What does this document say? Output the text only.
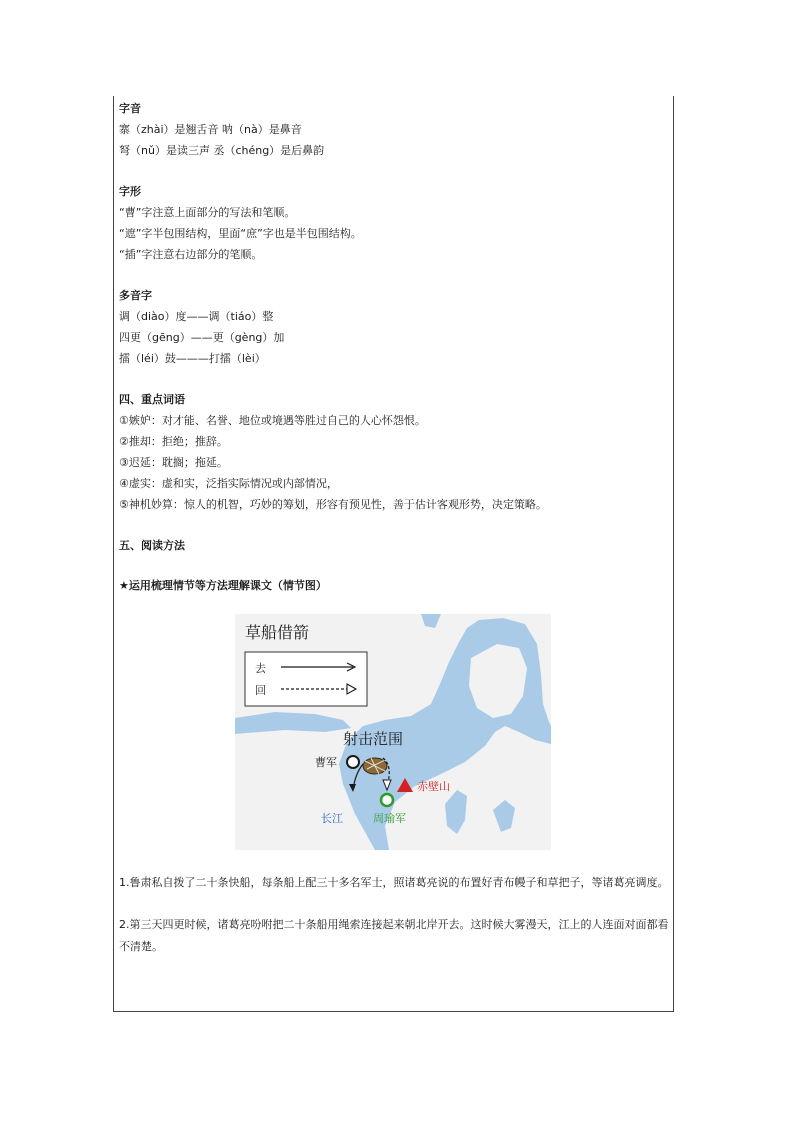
字音
寨（zhài）是翘舌音 呐（nà）是鼻音
弩（nǔ）是读三声 丞（chéng）是后鼻韵
字形
“曹”字注意上面部分的写法和笔顺。
“遮”字半包围结构，里面“庶”字也是半包围结构。
“插”字注意右边部分的笔顺。
多音字
调（diào）度——调（tiáo）整
四更（gēng）——更（gèng）加
擂（léi）鼓———打擂（lèi）
四、重点词语
①嫉妒：对才能、名誉、地位或境遇等胜过自己的人心怀怨恨。
②推却：拒绝；推辞。
③迟延：耽搁；拖延。
④虚实：虚和实，泛指实际情况或内部情况，
⑤神机妙算：惊人的机智，巧妙的筹划，形容有预见性，善于估计客观形势，决定策略。
五、阅读方法
★运用梳理情节等方法理解课文（情节图）
草船借箭
去
回
射击范围
曹军
周瑜军
赤壁山
长江
1.鲁肃私自拨了二十条快船，每条船上配三十多名军士，照诸葛亮说的布置好青布幔子和草把子，等诸葛亮调度。
2.第三天四更时候，诸葛亮吩咐把二十条船用绳索连接起来朝北岸开去。这时候大雾漫天，江上的人连面对面都看不清楚。
